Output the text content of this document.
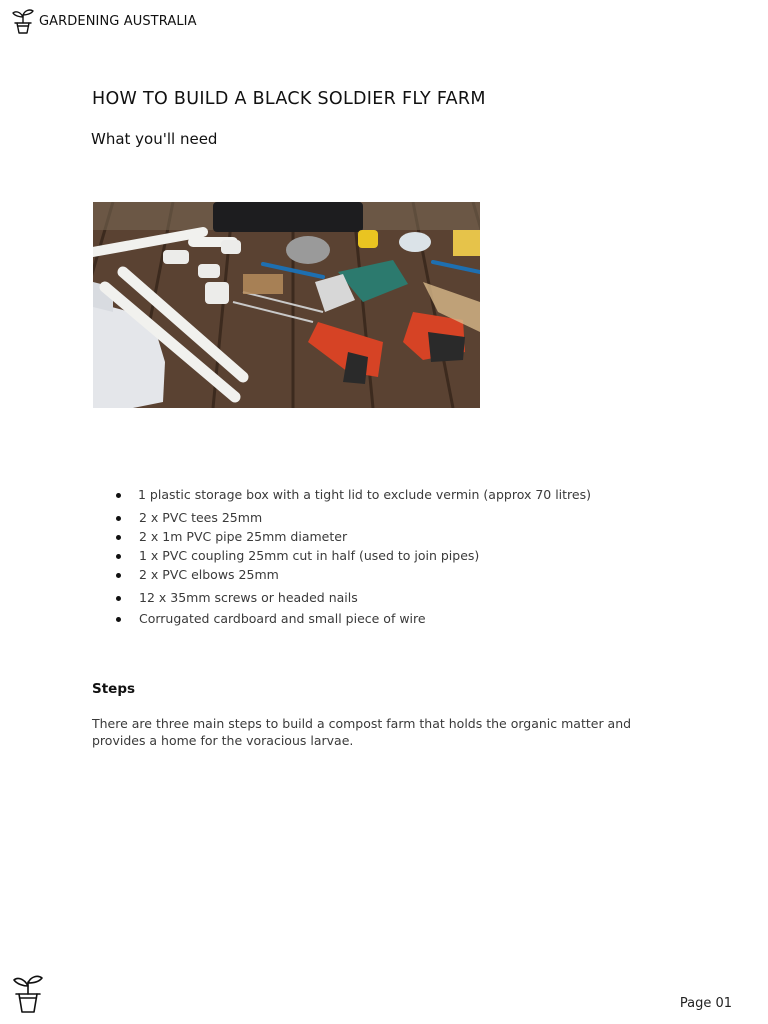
GARDENING AUSTRALIA
HOW TO BUILD A BLACK SOLDIER FLY FARM
What you'll need
1 plastic storage box with a tight lid to exclude vermin (approx 70 litres)
2 x PVC tees 25mm
2 x 1m PVC pipe 25mm diameter
1 x PVC coupling 25mm cut in half (used to join pipes)
2 x PVC elbows 25mm
12 x 35mm screws or headed nails
Corrugated cardboard and small piece of wire
Steps

There are three main steps to build a compost farm that holds the organic matter and provides a home for the voracious larvae.

Page 01
